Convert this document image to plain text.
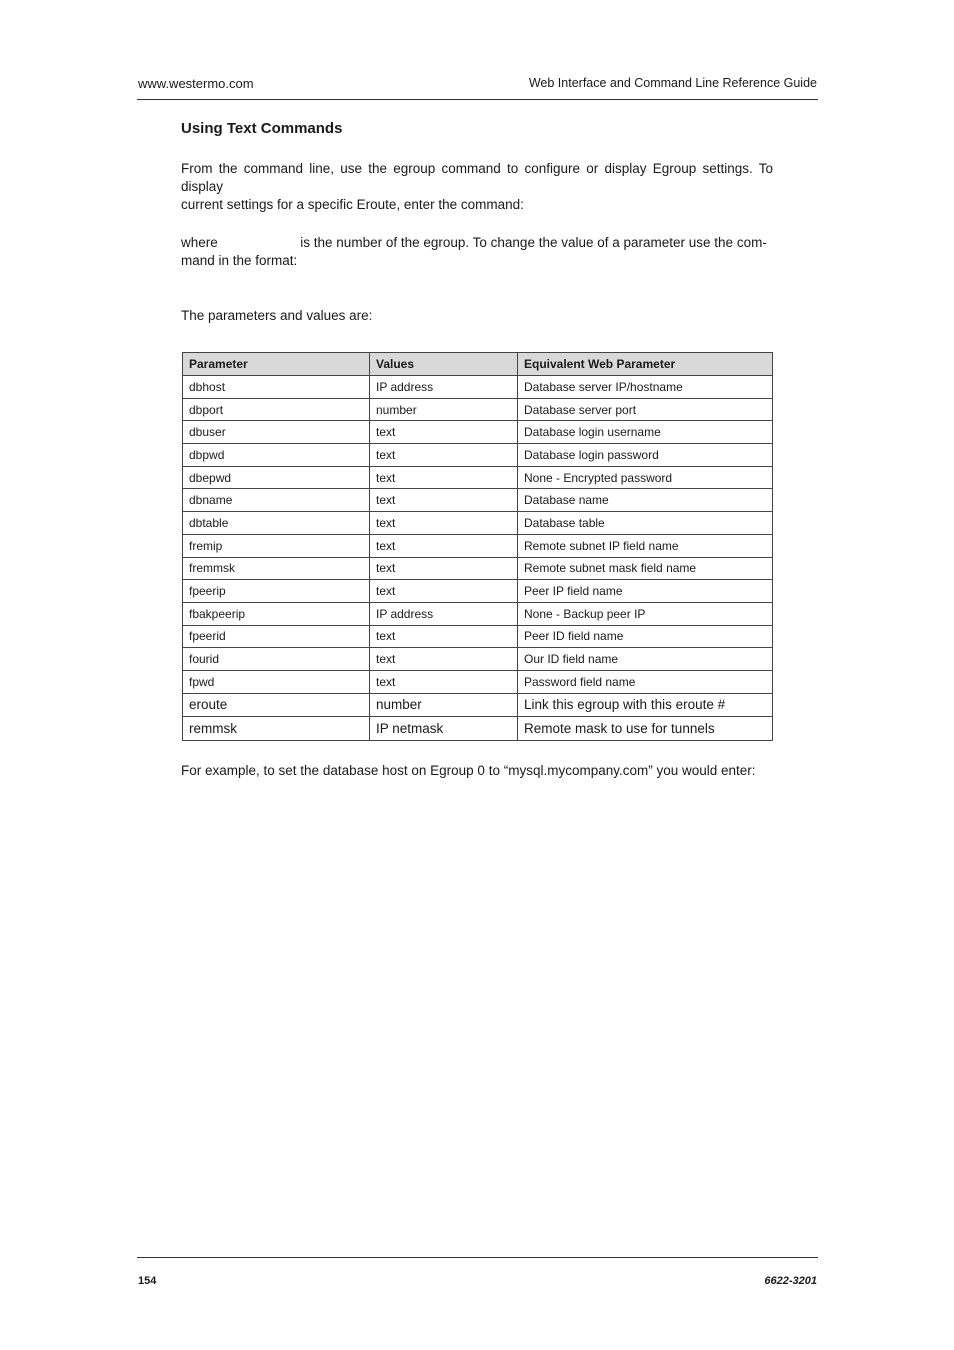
www.westermo.com	Web Interface and Command Line Reference Guide
Using Text Commands
From the command line, use the egroup command to configure or display Egroup settings. To display
current settings for a specific Eroute, enter the command:
where                      is the number of the egroup. To change the value of a parameter use the com-
mand in the format:
The parameters and values are:
Parameter	Values	Equivalent Web Parameter
dbhost	IP address	Database server IP/hostname
dbport	number	Database server port
dbuser	text	Database login username
dbpwd	text	Database login password
dbepwd	text	None - Encrypted password
dbname	text	Database name
dbtable	text	Database table
fremip	text	Remote subnet IP field name
fremmsk	text	Remote subnet mask field name
fpeerip	text	Peer IP field name
fbakpeerip	IP address	None - Backup peer IP
fpeerid	text	Peer ID field name
fourid	text	Our ID field name
fpwd	text	Password field name
eroute	number	Link this egroup with this eroute #
remmsk	IP netmask	Remote mask to use for tunnels
For example, to set the database host on Egroup 0 to “mysql.mycompany.com” you would enter:
154	6622-3201
